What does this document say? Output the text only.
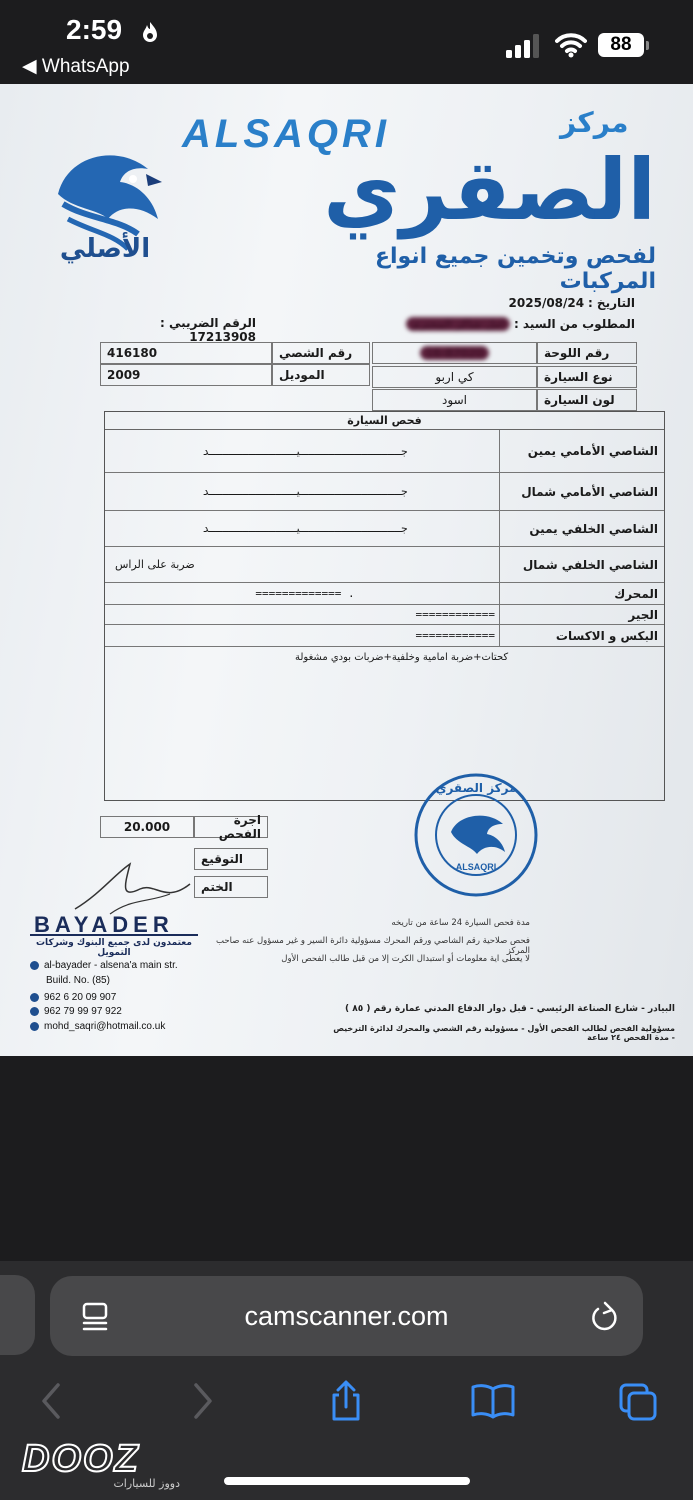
2:59
◀ WhatsApp
88
الأصلي
ALSAQRI	مركز
الصقري
لفحص وتخمين جميع انواع المركبات
التاريخ : 2025/08/24
المطلوب من السيد : امل شاكر المحترم
الرقم الضريبي : 17213908
رقم اللوحة
16-87020
نوع السيارة
كي اربو
لون السيارة
اسود
رقم الشصي
416180
الموديل
2009
فحص السيارة
الشاصي الأمامي يمين
جـــــــــــــــيـــــــــــــد
الشاصي الأمامي شمال
جـــــــــــــــيـــــــــــــد
الشاصي الخلفي يمين
جـــــــــــــــيـــــــــــــد
الشاصي الخلفي شمال
ضربة على الراس
المحرك
============= .
الجير
============
البكس و الاكسات
============
كحتات+ضربة امامية وخلفية+ضربات بودي مشغولة
اجرة الفحص
20.000
التوقيع
الختم
مركز الصقري
ALSAQRI
BAYADER
معتمدون لدى جميع البنوك وشركات التمويل
al-bayader - alsena'a main str.
Build. No. (85)
962 6 20 09 907
962 79 99 97 922
mohd_saqri@hotmail.co.uk
مدة فحص السيارة 24 ساعة من تاريخه
فحص صلاحية رقم الشاصي ورقم المحرك مسؤولية دائرة السير و غير مسؤول عنه صاحب المركز
لا يعطى اية معلومات أو استبدال الكرت إلا من قبل طالب الفحص الأول
البيادر - شارع الصناعة الرئيسي - قبل دوار الدفاع المدني عمارة رقم ( ٨٥ )
مسؤولية الفحص لطالب الفحص الأول - مسؤولية رقم الشصي والمحرك لدائرة الترخيص - مدة الفحص ٢٤ ساعة
camscanner.com
DOOZ
دووز للسيارات
